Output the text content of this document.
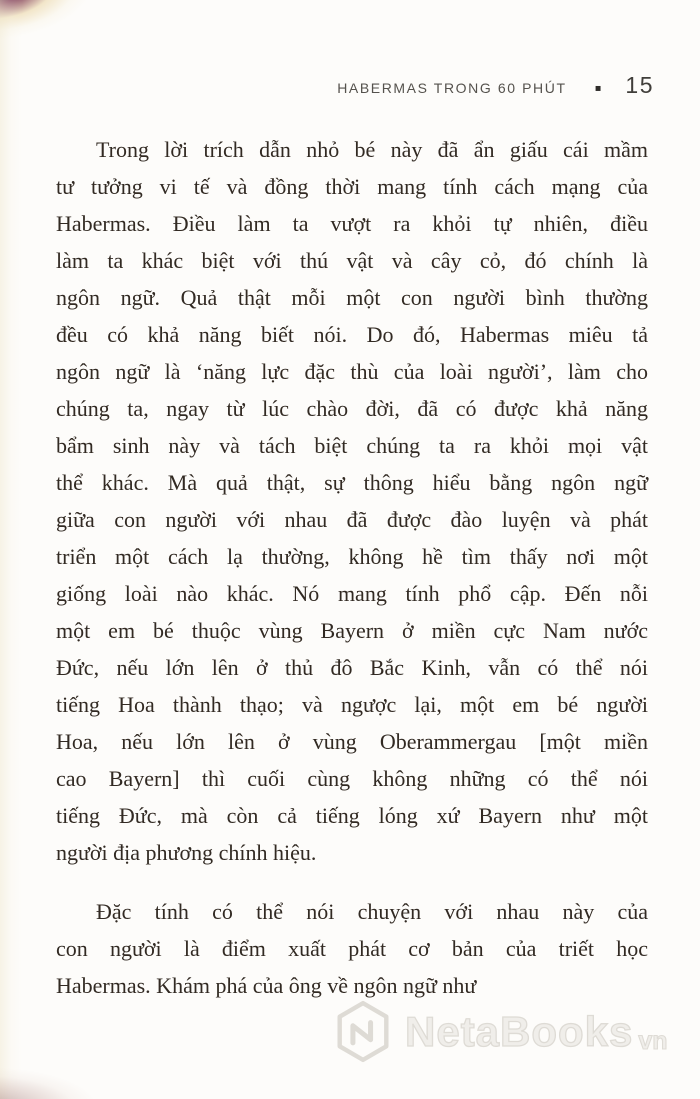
HABERMAS TRONG 60 PHÚT	▪ 15
Trong lời trích dẫn nhỏ bé này đã ẩn giấu cái mầm
tư tưởng vi tế và đồng thời mang tính cách mạng của
Habermas. Điều làm ta vượt ra khỏi tự nhiên, điều
làm ta khác biệt với thú vật và cây cỏ, đó chính là
ngôn ngữ. Quả thật mỗi một con người bình thường
đều có khả năng biết nói. Do đó, Habermas miêu tả
ngôn ngữ là ‘năng lực đặc thù của loài người’, làm cho
chúng ta, ngay từ lúc chào đời, đã có được khả năng
bẩm sinh này và tách biệt chúng ta ra khỏi mọi vật
thể khác. Mà quả thật, sự thông hiểu bằng ngôn ngữ
giữa con người với nhau đã được đào luyện và phát
triển một cách lạ thường, không hề tìm thấy nơi một
giống loài nào khác. Nó mang tính phổ cập. Đến nỗi
một em bé thuộc vùng Bayern ở miền cực Nam nước
Đức, nếu lớn lên ở thủ đô Bắc Kinh, vẫn có thể nói
tiếng Hoa thành thạo; và ngược lại, một em bé người
Hoa, nếu lớn lên ở vùng Oberammergau [một miền
cao Bayern] thì cuối cùng không những có thể nói
tiếng Đức, mà còn cả tiếng lóng xứ Bayern như một
người địa phương chính hiệu.
Đặc tính có thể nói chuyện với nhau này của
con người là điểm xuất phát cơ bản của triết học
Habermas. Khám phá của ông về ngôn ngữ như
NetaBooks vn
